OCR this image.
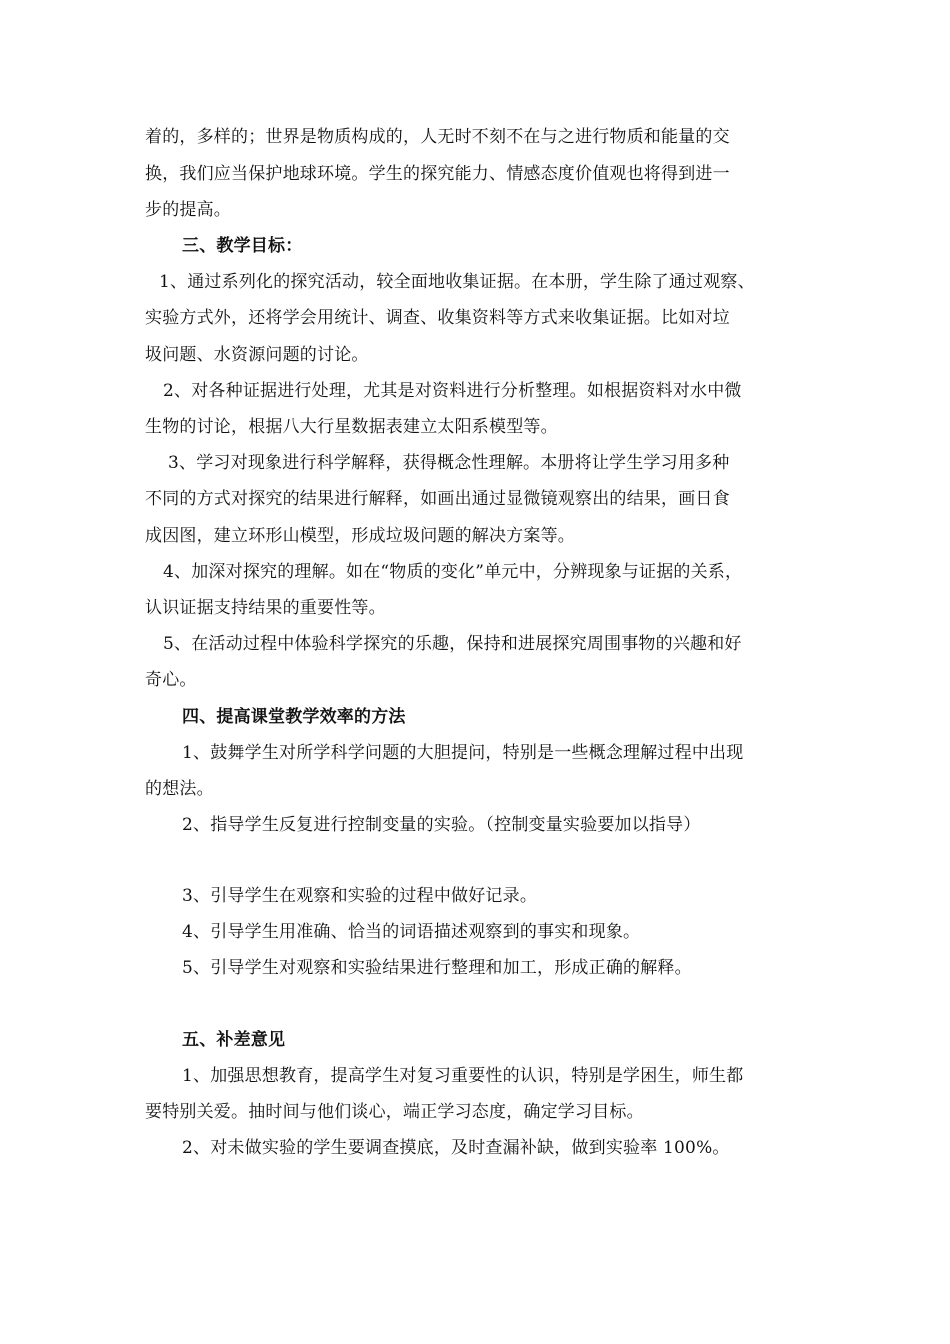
着的，多样的；世界是物质构成的，人无时不刻不在与之进行物质和能量的交
换，我们应当保护地球环境。学生的探究能力、情感态度价值观也将得到进一
步的提高。
三、教学目标：
1、通过系列化的探究活动，较全面地收集证据。在本册，学生除了通过观察、
实验方式外，还将学会用统计、调查、收集资料等方式来收集证据。比如对垃
圾问题、水资源问题的讨论。
2、对各种证据进行处理，尤其是对资料进行分析整理。如根据资料对水中微
生物的讨论，根据八大行星数据表建立太阳系模型等。
3、学习对现象进行科学解释，获得概念性理解。本册将让学生学习用多种
不同的方式对探究的结果进行解释，如画出通过显微镜观察出的结果，画日食
成因图，建立环形山模型，形成垃圾问题的解决方案等。
4、加深对探究的理解。如在“物质的变化”单元中，分辨现象与证据的关系，
认识证据支持结果的重要性等。
5、在活动过程中体验科学探究的乐趣，保持和进展探究周围事物的兴趣和好
奇心。
四、提高课堂教学效率的方法
1、鼓舞学生对所学科学问题的大胆提问，特别是一些概念理解过程中出现
的想法。
2、指导学生反复进行控制变量的实验。（控制变量实验要加以指导）
3、引导学生在观察和实验的过程中做好记录。
4、引导学生用准确、恰当的词语描述观察到的事实和现象。
5、引导学生对观察和实验结果进行整理和加工，形成正确的解释。
五、补差意见
1、加强思想教育，提高学生对复习重要性的认识，特别是学困生，师生都
要特别关爱。抽时间与他们谈心，端正学习态度，确定学习目标。
2、对未做实验的学生要调查摸底，及时查漏补缺，做到实验率 100%。
